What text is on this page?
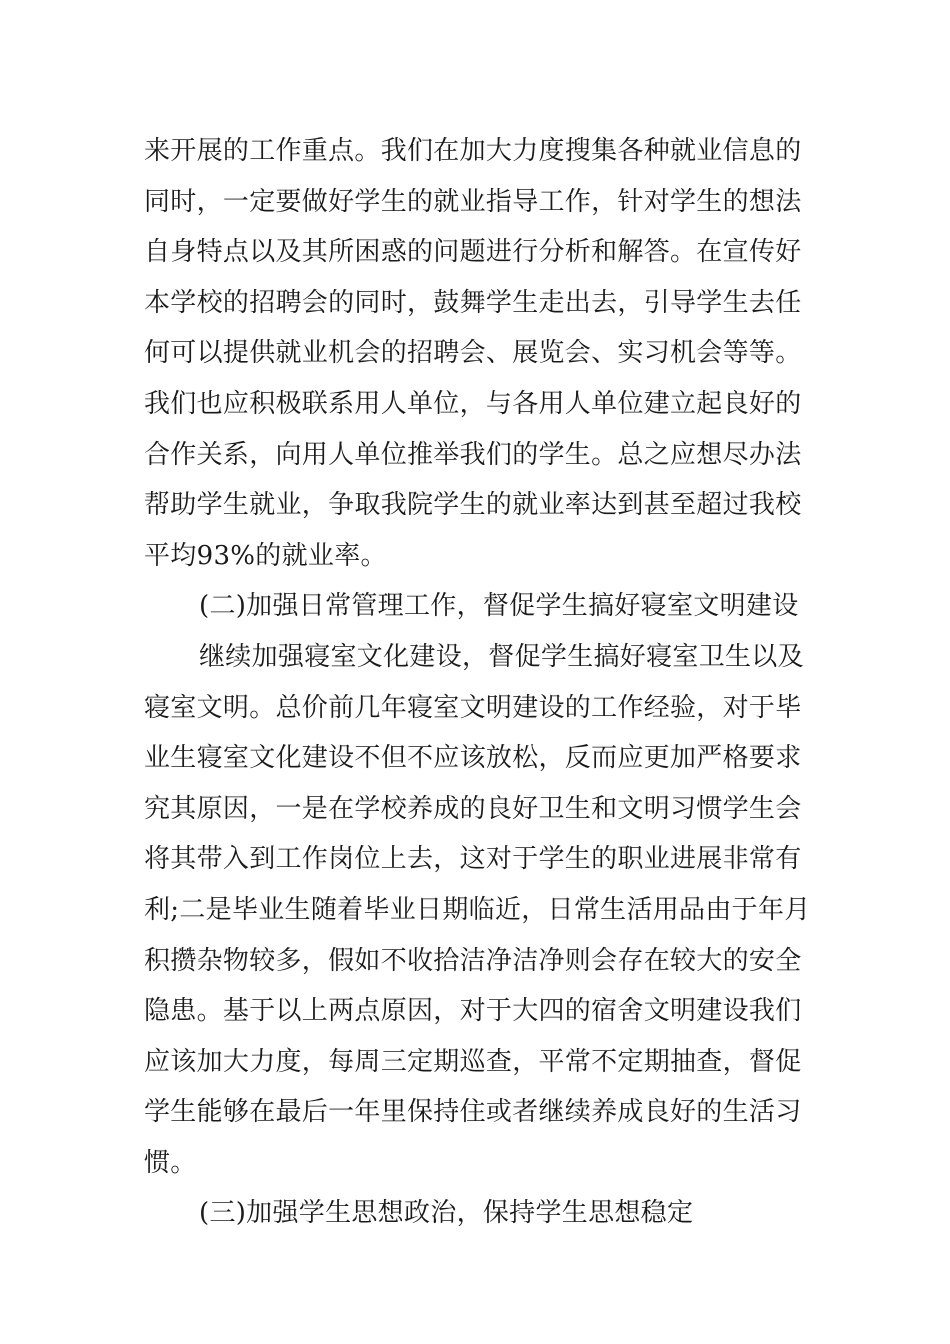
来开展的工作重点。我们在加大力度搜集各种就业信息的
同时，一定要做好学生的就业指导工作，针对学生的想法
自身特点以及其所困惑的问题进行分析和解答。在宣传好
本学校的招聘会的同时，鼓舞学生走出去，引导学生去任
何可以提供就业机会的招聘会、展览会、实习机会等等。
我们也应积极联系用人单位，与各用人单位建立起良好的
合作关系，向用人单位推举我们的学生。总之应想尽办法
帮助学生就业，争取我院学生的就业率达到甚至超过我校
平均93%的就业率。
(二)加强日常管理工作，督促学生搞好寝室文明建设
继续加强寝室文化建设，督促学生搞好寝室卫生以及
寝室文明。总价前几年寝室文明建设的工作经验，对于毕
业生寝室文化建设不但不应该放松，反而应更加严格要求
究其原因，一是在学校养成的良好卫生和文明习惯学生会
将其带入到工作岗位上去，这对于学生的职业进展非常有
利;二是毕业生随着毕业日期临近，日常生活用品由于年月
积攒杂物较多，假如不收拾洁净洁净则会存在较大的安全
隐患。基于以上两点原因，对于大四的宿舍文明建设我们
应该加大力度，每周三定期巡查，平常不定期抽查，督促
学生能够在最后一年里保持住或者继续养成良好的生活习
惯。
(三)加强学生思想政治，保持学生思想稳定
